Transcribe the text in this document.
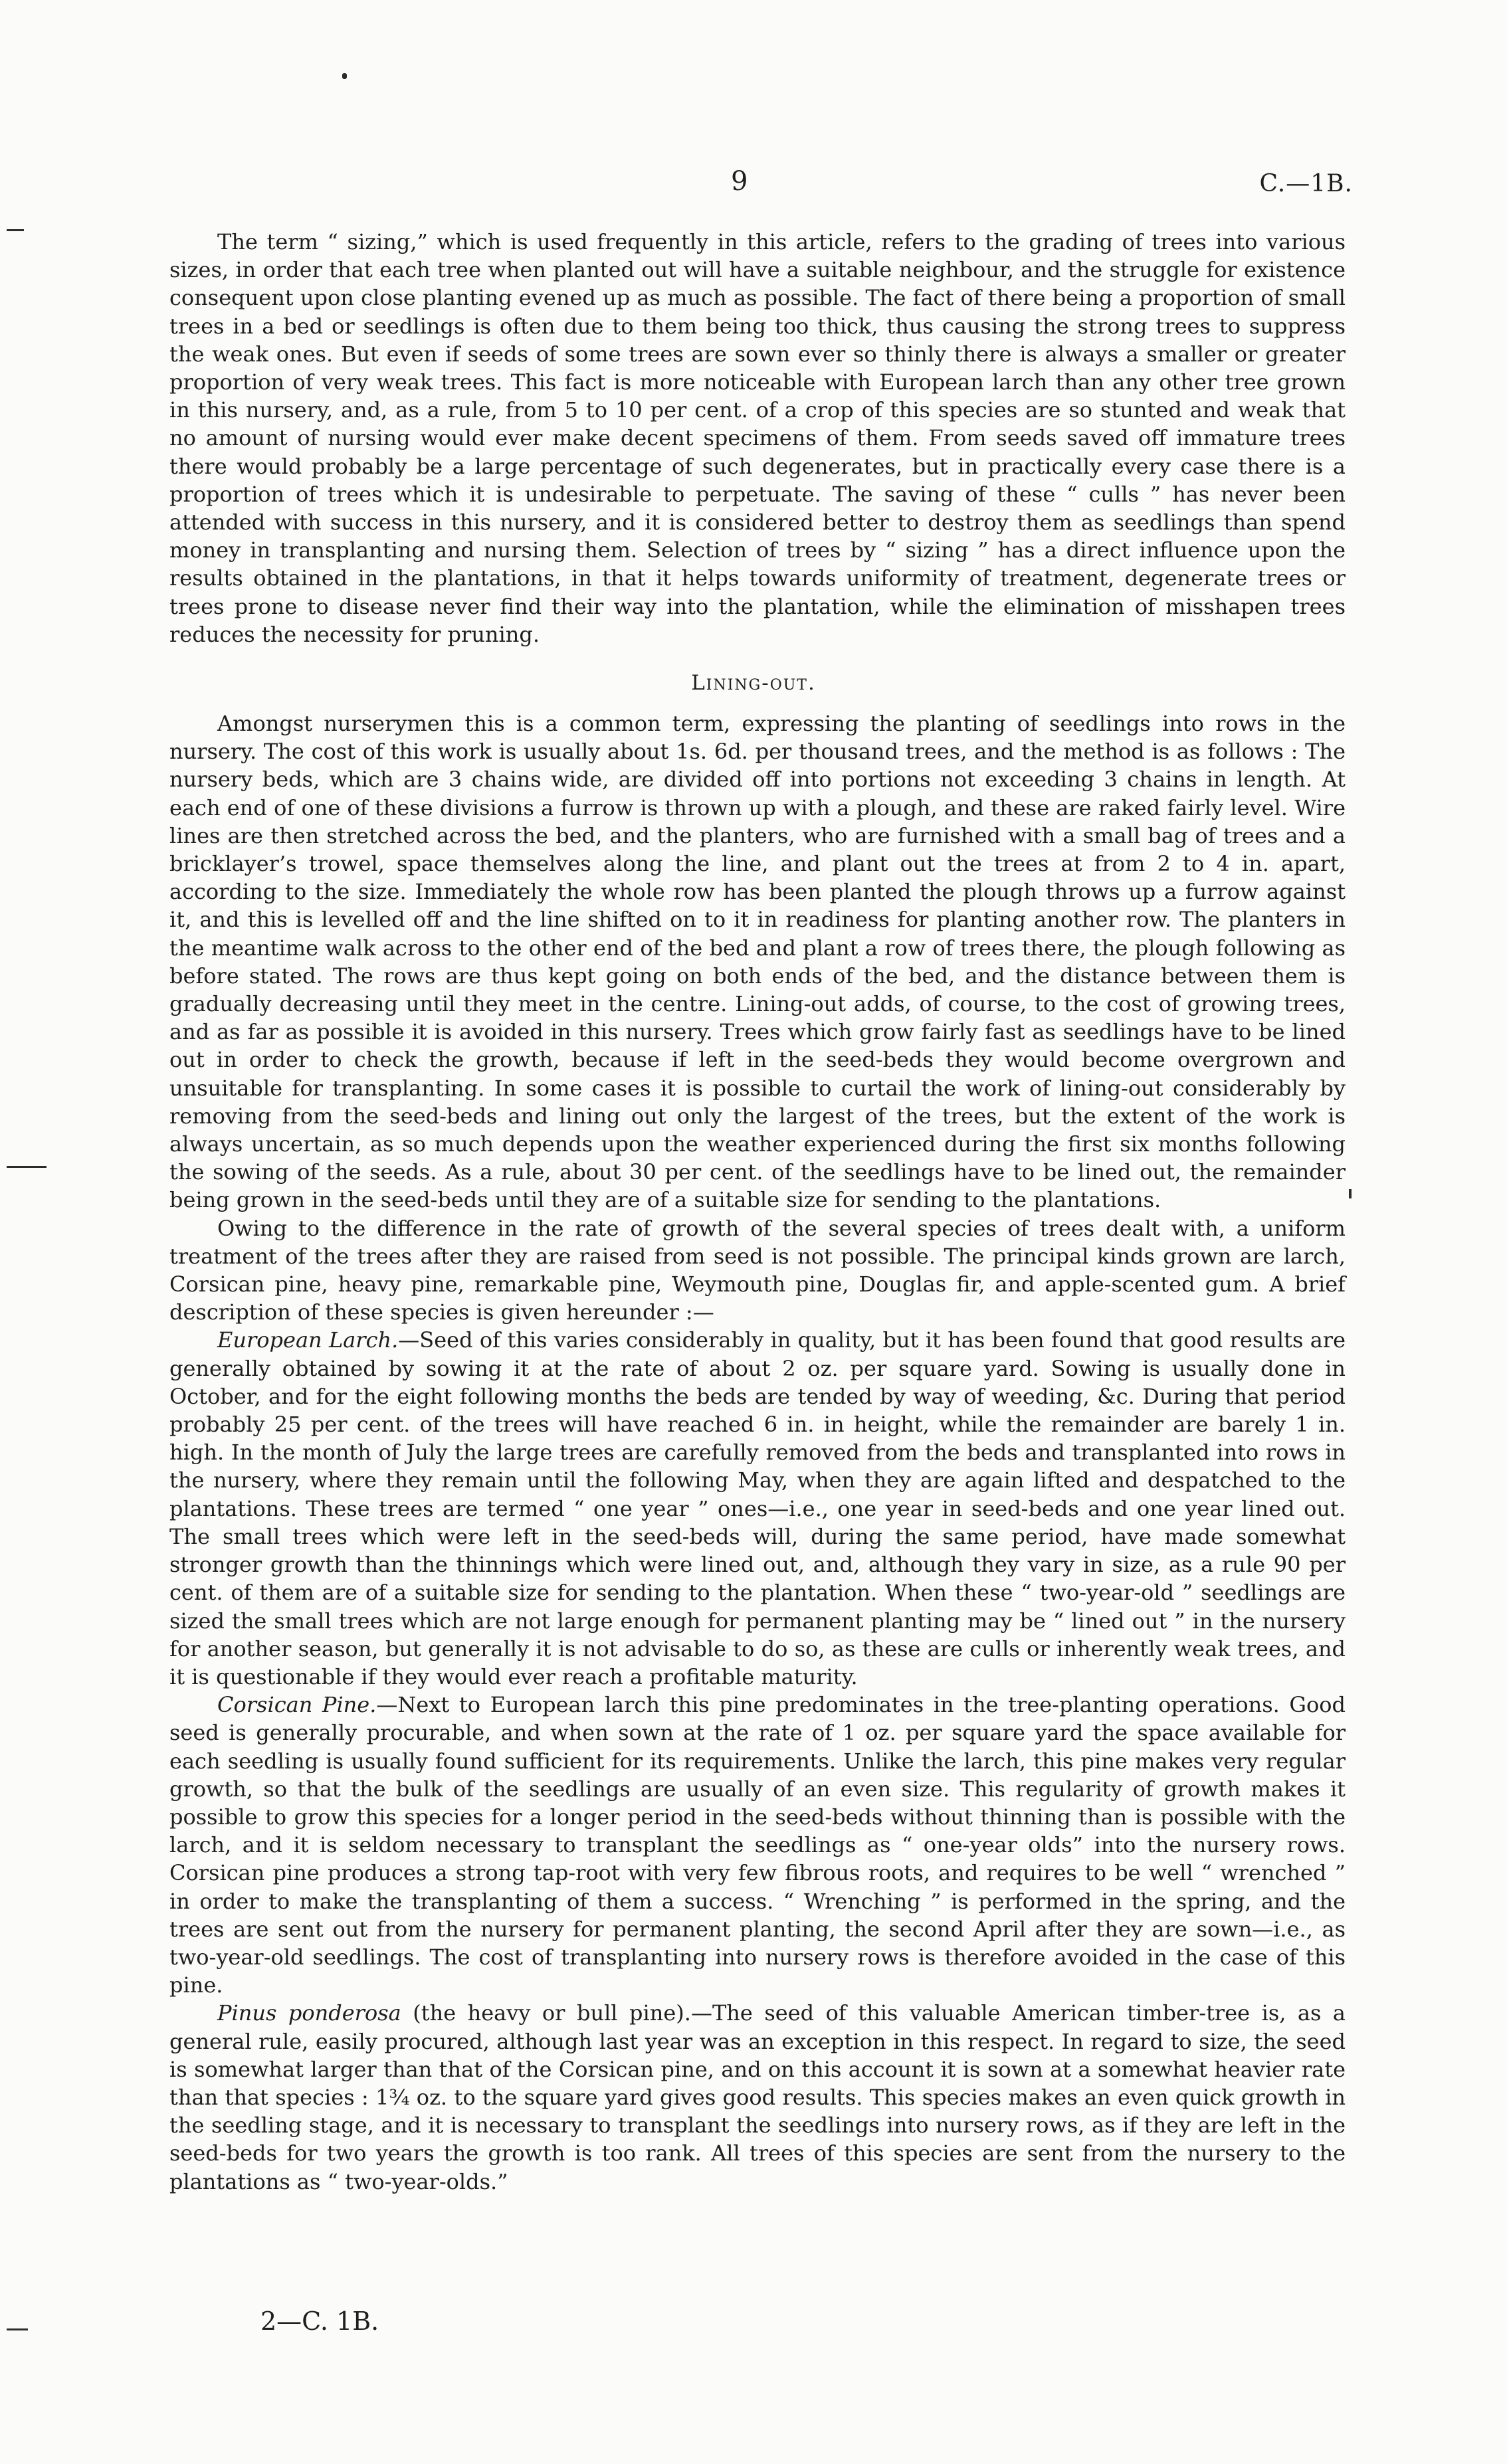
9	C.—1B.

The term “ sizing,” which is used frequently in this article, refers to the grading of trees into various sizes, in order that each tree when planted out will have a suitable neighbour, and the struggle for existence consequent upon close planting evened up as much as possible. The fact of there being a proportion of small trees in a bed or seedlings is often due to them being too thick, thus causing the strong trees to suppress the weak ones. But even if seeds of some trees are sown ever so thinly there is always a smaller or greater proportion of very weak trees. This fact is more noticeable with European larch than any other tree grown in this nursery, and, as a rule, from 5 to 10 per cent. of a crop of this species are so stunted and weak that no amount of nursing would ever make decent specimens of them. From seeds saved off immature trees there would probably be a large percentage of such degenerates, but in practically every case there is a proportion of trees which it is undesirable to perpetuate. The saving of these “ culls ” has never been attended with success in this nursery, and it is considered better to destroy them as seedlings than spend money in transplanting and nursing them. Selection of trees by “ sizing ” has a direct influence upon the results obtained in the plantations, in that it helps towards uniformity of treatment, degenerate trees or trees prone to disease never find their way into the plantation, while the elimination of misshapen trees reduces the necessity for pruning.

Lining-out.

Amongst nurserymen this is a common term, expressing the planting of seedlings into rows in the nursery. The cost of this work is usually about 1s. 6d. per thousand trees, and the method is as follows : The nursery beds, which are 3 chains wide, are divided off into portions not exceeding 3 chains in length. At each end of one of these divisions a furrow is thrown up with a plough, and these are raked fairly level. Wire lines are then stretched across the bed, and the planters, who are furnished with a small bag of trees and a bricklayer’s trowel, space themselves along the line, and plant out the trees at from 2 to 4 in. apart, according to the size. Immediately the whole row has been planted the plough throws up a furrow against it, and this is levelled off and the line shifted on to it in readiness for planting another row. The planters in the meantime walk across to the other end of the bed and plant a row of trees there, the plough following as before stated. The rows are thus kept going on both ends of the bed, and the distance between them is gradually decreasing until they meet in the centre. Lining-out adds, of course, to the cost of growing trees, and as far as possible it is avoided in this nursery. Trees which grow fairly fast as seedlings have to be lined out in order to check the growth, because if left in the seed-beds they would become overgrown and unsuitable for transplanting. In some cases it is possible to curtail the work of lining-out considerably by removing from the seed-beds and lining out only the largest of the trees, but the extent of the work is always uncertain, as so much depends upon the weather experienced during the first six months following the sowing of the seeds. As a rule, about 30 per cent. of the seedlings have to be lined out, the remainder being grown in the seed-beds until they are of a suitable size for sending to the plantations.

Owing to the difference in the rate of growth of the several species of trees dealt with, a uniform treatment of the trees after they are raised from seed is not possible. The principal kinds grown are larch, Corsican pine, heavy pine, remarkable pine, Weymouth pine, Douglas fir, and apple-scented gum. A brief description of these species is given hereunder :—

European Larch.—Seed of this varies considerably in quality, but it has been found that good results are generally obtained by sowing it at the rate of about 2 oz. per square yard. Sowing is usually done in October, and for the eight following months the beds are tended by way of weeding, &c. During that period probably 25 per cent. of the trees will have reached 6 in. in height, while the remainder are barely 1 in. high. In the month of July the large trees are carefully removed from the beds and transplanted into rows in the nursery, where they remain until the following May, when they are again lifted and despatched to the plantations. These trees are termed “ one year ” ones—i.e., one year in seed-beds and one year lined out. The small trees which were left in the seed-beds will, during the same period, have made somewhat stronger growth than the thinnings which were lined out, and, although they vary in size, as a rule 90 per cent. of them are of a suitable size for sending to the plantation. When these “ two-year-old ” seedlings are sized the small trees which are not large enough for permanent planting may be “ lined out ” in the nursery for another season, but generally it is not advisable to do so, as these are culls or inherently weak trees, and it is questionable if they would ever reach a profitable maturity.

Corsican Pine.—Next to European larch this pine predominates in the tree-planting operations. Good seed is generally procurable, and when sown at the rate of 1 oz. per square yard the space available for each seedling is usually found sufficient for its requirements. Unlike the larch, this pine makes very regular growth, so that the bulk of the seedlings are usually of an even size. This regularity of growth makes it possible to grow this species for a longer period in the seed-beds without thinning than is possible with the larch, and it is seldom necessary to transplant the seedlings as “ one-year olds” into the nursery rows. Corsican pine produces a strong tap-root with very few fibrous roots, and requires to be well “ wrenched ” in order to make the transplanting of them a success. “ Wrenching ” is performed in the spring, and the trees are sent out from the nursery for permanent planting, the second April after they are sown—i.e., as two-year-old seedlings. The cost of transplanting into nursery rows is therefore avoided in the case of this pine.

Pinus ponderosa (the heavy or bull pine).—The seed of this valuable American timber-tree is, as a general rule, easily procured, although last year was an exception in this respect. In regard to size, the seed is somewhat larger than that of the Corsican pine, and on this account it is sown at a somewhat heavier rate than that species : 1¾ oz. to the square yard gives good results. This species makes an even quick growth in the seedling stage, and it is necessary to transplant the seedlings into nursery rows, as if they are left in the seed-beds for two years the growth is too rank. All trees of this species are sent from the nursery to the plantations as “ two-year-olds.”

2—C. 1B.
